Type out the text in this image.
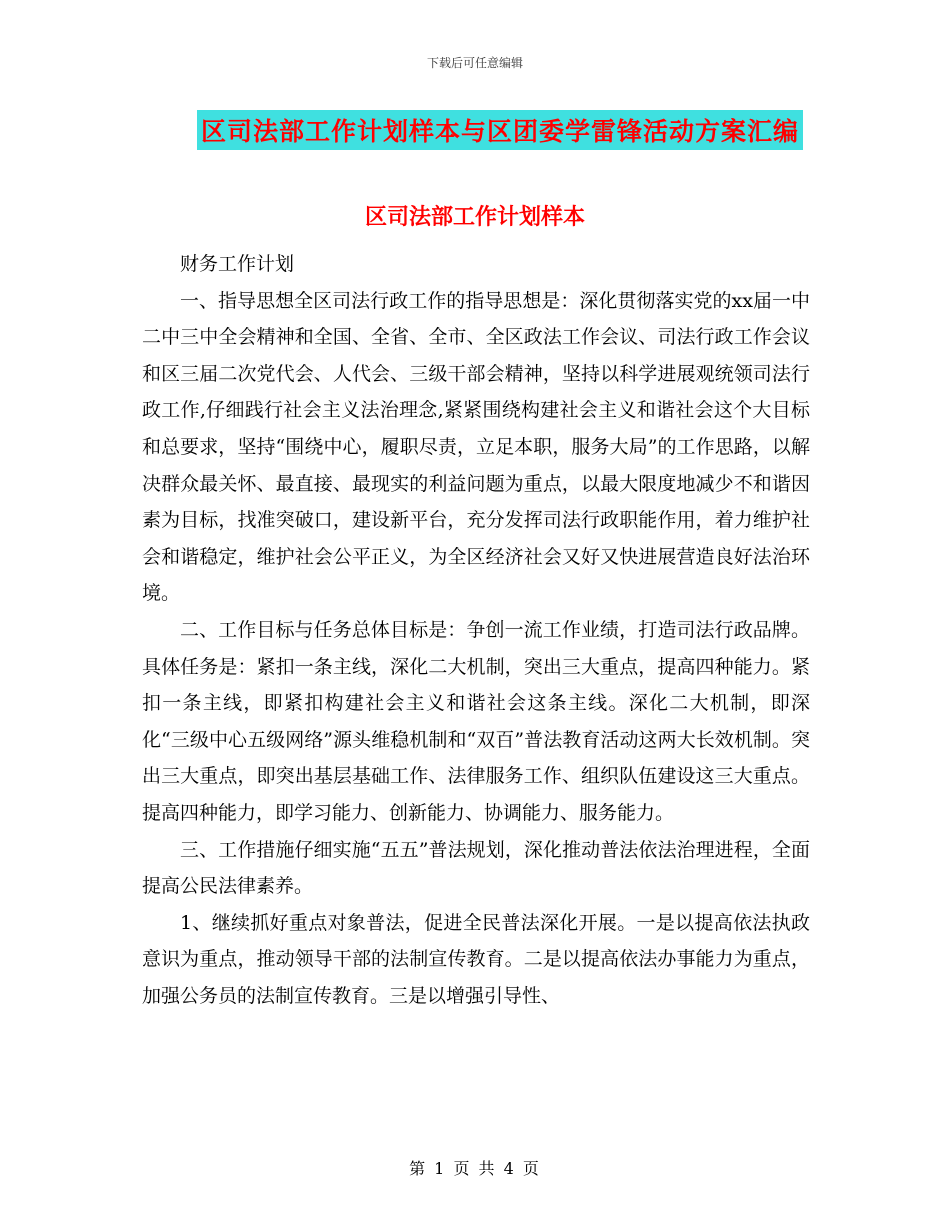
下载后可任意编辑
区司法部工作计划样本与区团委学雷锋活动方案汇编
区司法部工作计划样本

财务工作计划

一、指导思想全区司法行政工作的指导思想是：深化贯彻落实党的xx届一中二中三中全会精神和全国、全省、全市、全区政法工作会议、司法行政工作会议和区三届二次党代会、人代会、三级干部会精神，坚持以科学进展观统领司法行政工作,仔细践行社会主义法治理念,紧紧围绕构建社会主义和谐社会这个大目标和总要求，坚持“围绕中心，履职尽责，立足本职，服务大局”的工作思路，以解决群众最关怀、最直接、最现实的利益问题为重点，以最大限度地减少不和谐因素为目标，找准突破口，建设新平台，充分发挥司法行政职能作用，着力维护社会和谐稳定，维护社会公平正义，为全区经济社会又好又快进展营造良好法治环境。

二、工作目标与任务总体目标是：争创一流工作业绩，打造司法行政品牌。具体任务是：紧扣一条主线，深化二大机制，突出三大重点，提高四种能力。紧扣一条主线，即紧扣构建社会主义和谐社会这条主线。深化二大机制，即深化“三级中心五级网络”源头维稳机制和“双百”普法教育活动这两大长效机制。突出三大重点，即突出基层基础工作、法律服务工作、组织队伍建设这三大重点。提高四种能力，即学习能力、创新能力、协调能力、服务能力。

三、工作措施仔细实施“五五”普法规划，深化推动普法依法治理进程，全面提高公民法律素养。

1、继续抓好重点对象普法，促进全民普法深化开展。一是以提高依法执政意识为重点，推动领导干部的法制宣传教育。二是以提高依法办事能力为重点，加强公务员的法制宣传教育。三是以增强引导性、

第 1 页 共 4 页
